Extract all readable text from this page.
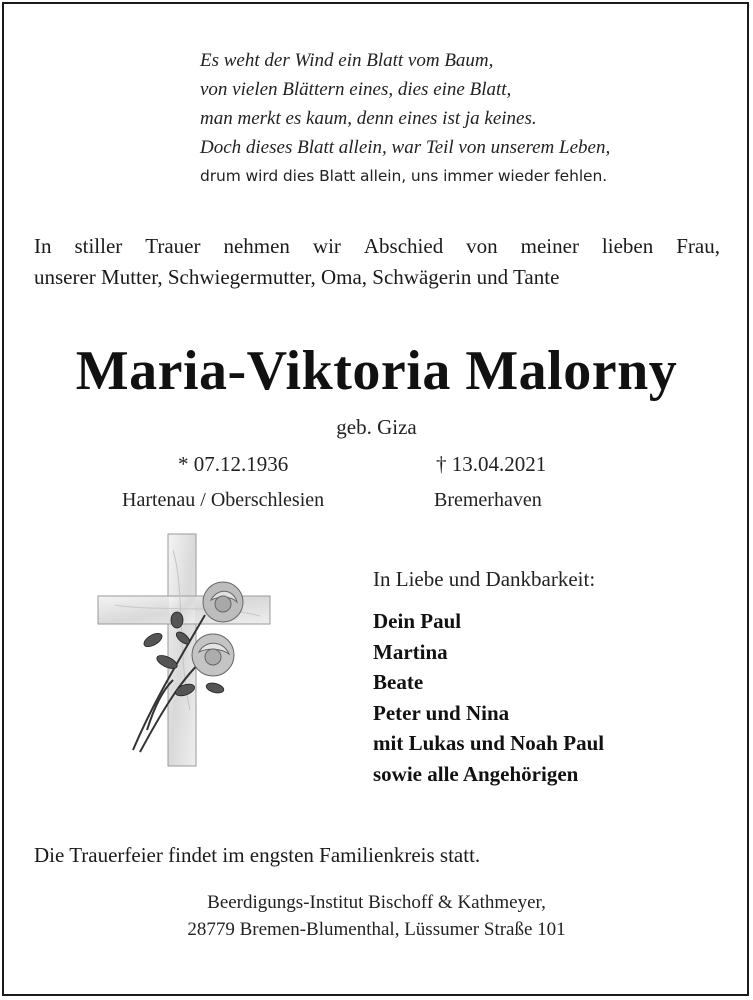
Es weht der Wind ein Blatt vom Baum,
von vielen Blättern eines, dies eine Blatt,
man merkt es kaum, denn eines ist ja keines.
Doch dieses Blatt allein, war Teil von unserem Leben,
drum wird dies Blatt allein, uns immer wieder fehlen.
In stiller Trauer nehmen wir Abschied von meiner lieben Frau,
unserer Mutter, Schwiegermutter, Oma, Schwägerin und Tante
Maria-Viktoria Malorny
geb. Giza
* 07.12.1936	† 13.04.2021
Hartenau / Oberschlesien	Bremerhaven
In Liebe und Dankbarkeit:
Dein Paul
Martina
Beate
Peter und Nina
mit Lukas und Noah Paul
sowie alle Angehörigen
Die Trauerfeier findet im engsten Familienkreis statt.
Beerdigungs-Institut Bischoff & Kathmeyer,
28779 Bremen-Blumenthal, Lüssumer Straße 101
